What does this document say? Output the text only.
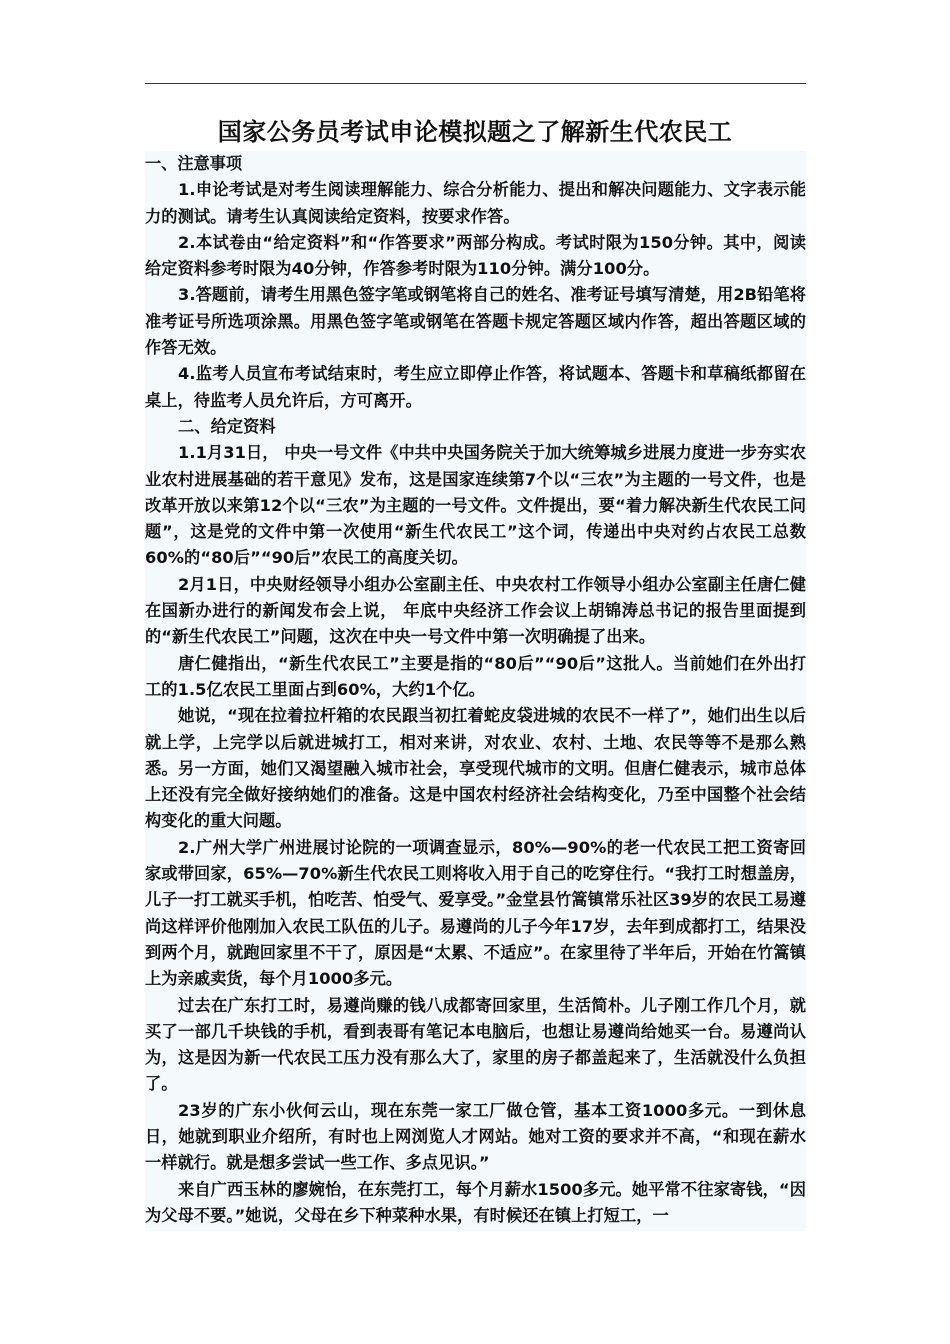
国家公务员考试申论模拟题之了解新生代农民工

一、注意事项

1.申论考试是对考生阅读理解能力、综合分析能力、提出和解决问题能力、文字表示能力的测试。请考生认真阅读给定资料，按要求作答。

2.本试卷由“给定资料”和“作答要求”两部分构成。考试时限为150分钟。其中，阅读给定资料参考时限为40分钟，作答参考时限为110分钟。满分100分。

3.答题前，请考生用黑色签字笔或钢笔将自己的姓名、准考证号填写清楚，用2B铅笔将准考证号所选项涂黑。用黑色签字笔或钢笔在答题卡规定答题区域内作答，超出答题区域的作答无效。

4.监考人员宣布考试结束时，考生应立即停止作答，将试题本、答题卡和草稿纸都留在桌上，待监考人员允许后，方可离开。

二、给定资料

1.1月31日， 中央一号文件《中共中央国务院关于加大统筹城乡进展力度进一步夯实农业农村进展基础的若干意见》发布，这是国家连续第7个以“三农”为主题的一号文件，也是改革开放以来第12个以“三农”为主题的一号文件。文件提出，要“着力解决新生代农民工问题”，这是党的文件中第一次使用“新生代农民工”这个词，传递出中央对约占农民工总数60%的“80后”“90后”农民工的高度关切。

2月1日，中央财经领导小组办公室副主任、中央农村工作领导小组办公室副主任唐仁健在国新办进行的新闻发布会上说， 年底中央经济工作会议上胡锦涛总书记的报告里面提到的“新生代农民工”问题，这次在中央一号文件中第一次明确提了出来。

唐仁健指出，“新生代农民工”主要是指的“80后”“90后”这批人。当前她们在外出打工的1.5亿农民工里面占到60%，大约1个亿。

她说，“现在拉着拉杆箱的农民跟当初扛着蛇皮袋进城的农民不一样了”，她们出生以后就上学，上完学以后就进城打工，相对来讲，对农业、农村、土地、农民等等不是那么熟悉。另一方面，她们又渴望融入城市社会，享受现代城市的文明。但唐仁健表示，城市总体上还没有完全做好接纳她们的准备。这是中国农村经济社会结构变化，乃至中国整个社会结构变化的重大问题。

2.广州大学广州进展讨论院的一项调查显示，80%—90%的老一代农民工把工资寄回家或带回家，65%—70%新生代农民工则将收入用于自己的吃穿住行。“我打工时想盖房，儿子一打工就买手机，怕吃苦、怕受气、爱享受。”金堂县竹篙镇常乐社区39岁的农民工易遵尚这样评价他刚加入农民工队伍的儿子。易遵尚的儿子今年17岁，去年到成都打工，结果没到两个月，就跑回家里不干了，原因是“太累、不适应”。在家里待了半年后，开始在竹篙镇上为亲戚卖货，每个月1000多元。

过去在广东打工时，易遵尚赚的钱八成都寄回家里，生活简朴。儿子刚工作几个月，就买了一部几千块钱的手机，看到表哥有笔记本电脑后，也想让易遵尚给她买一台。易遵尚认为，这是因为新一代农民工压力没有那么大了，家里的房子都盖起来了，生活就没什么负担了。

23岁的广东小伙何云山，现在东莞一家工厂做仓管，基本工资1000多元。一到休息日，她就到职业介绍所，有时也上网浏览人才网站。她对工资的要求并不高，“和现在薪水一样就行。就是想多尝试一些工作、多点见识。”

来自广西玉林的廖婉怡，在东莞打工，每个月薪水1500多元。她平常不往家寄钱，“因为父母不要。”她说，父母在乡下种菜种水果，有时候还在镇上打短工，一
